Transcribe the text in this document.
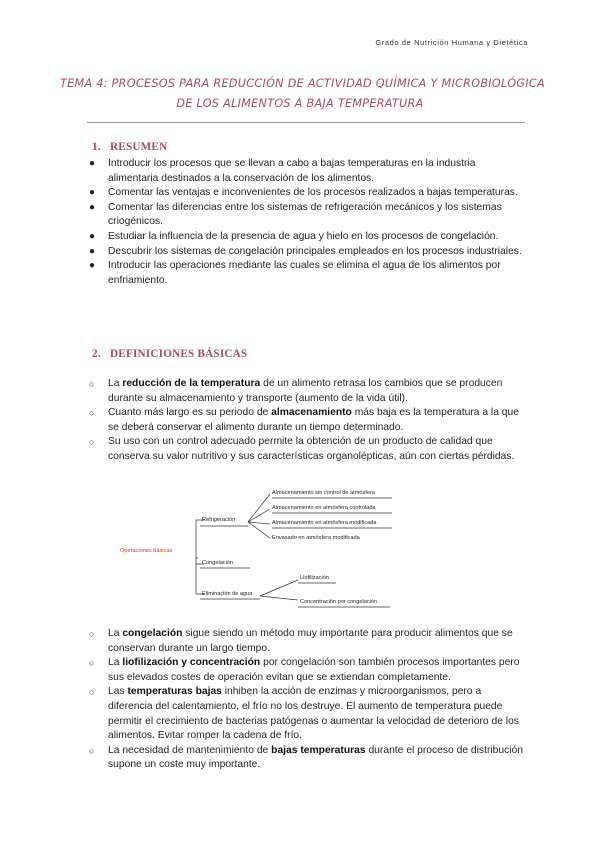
Grado de Nutrición Humana y Dietética
TEMA 4: PROCESOS PARA REDUCCIÓN DE ACTIVIDAD QUÍMICA Y MICROBIOLÓGICA
DE LOS ALIMENTOS A BAJA TEMPERATURA
1. RESUMEN
● Introducir los procesos que se llevan a cabo a bajas temperaturas en la industria alimentaria destinados a la conservación de los alimentos.
● Comentar las ventajas e inconvenientes de los procesos realizados a bajas temperaturas.
● Comentar las diferencias entre los sistemas de refrigeración mecánicos y los sistemas criogénicos.
● Estudiar la influencia de la presencia de agua y hielo en los procesos de congelación.
● Descubrir los sistemas de congelación principales empleados en los procesos industriales.
● Introducir las operaciones mediante las cuales se elimina el agua de los alimentos por enfriamiento.
2. DEFINICIONES BÁSICAS
○ La reducción de la temperatura de un alimento retrasa los cambios que se producen durante su almacenamiento y transporte (aumento de la vida útil).
○ Cuanto más largo es su periodo de almacenamiento más baja es la temperatura a la que se deberá conservar el alimento durante un tiempo determinado.
○ Su uso con un control adecuado permite la obtención de un producto de calidad que conserva su valor nutritivo y sus características organolépticas, aún con ciertas pérdidas.
Operaciones básicas
Refrigeración
Almacenamiento sin control de atmósfera
Almacenamiento en atmósfera controlada
Almacenamiento en atmósfera modificada
Envasado en atmósfera modificada
Congelación
Eliminación de agua
Liofilización
Concentración por congelación
○ La congelación sigue siendo un método muy importante para producir alimentos que se conservan durante un largo tiempo.
○ La liofilización y concentración por congelación son también procesos importantes pero sus elevados costes de operación evitan que se extiendan completamente.
○ Las temperaturas bajas inhiben la acción de enzimas y microorganismos, pero a diferencia del calentamiento, el frío no los destruye. El aumento de temperatura puede permitir el crecimiento de bacterias patógenas o aumentar la velocidad de deterioro de los alimentos. Evitar romper la cadena de frío.
○ La necesidad de mantenimiento de bajas temperaturas durante el proceso de distribución supone un coste muy importante.
